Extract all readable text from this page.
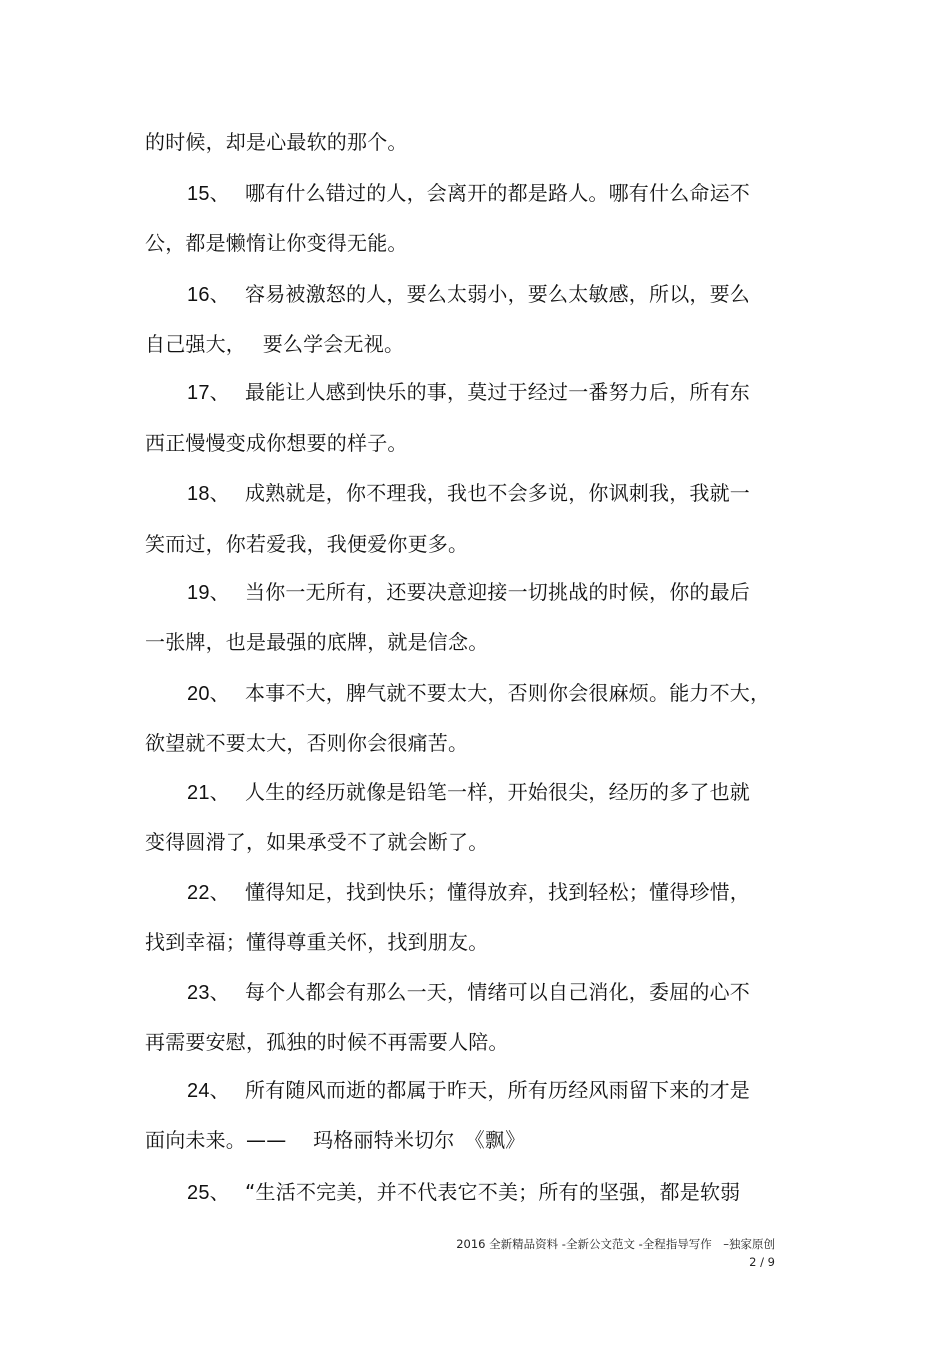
的时候，却是心最软的那个。
15、 哪有什么错过的人，会离开的都是路人。哪有什么命运不
公，都是懒惰让你变得无能。
16、 容易被激怒的人，要么太弱小，要么太敏感，所以，要么
自己强大，　 要么学会无视。
17、 最能让人感到快乐的事，莫过于经过一番努力后，所有东
西正慢慢变成你想要的样子。
18、 成熟就是，你不理我，我也不会多说，你讽刺我，我就一
笑而过，你若爱我，我便爱你更多。
19、 当你一无所有，还要决意迎接一切挑战的时候，你的最后
一张牌，也是最强的底牌，就是信念。
20、 本事不大，脾气就不要太大，否则你会很麻烦。能力不大，
欲望就不要太大，否则你会很痛苦。
21、 人生的经历就像是铅笔一样，开始很尖，经历的多了也就
变得圆滑了，如果承受不了就会断了。
22、 懂得知足，找到快乐；懂得放弃，找到轻松；懂得珍惜，
找到幸福；懂得尊重关怀，找到朋友。
23、 每个人都会有那么一天，情绪可以自己消化，委屈的心不
再需要安慰，孤独的时候不再需要人陪。
24、 所有随风而逝的都属于昨天，所有历经风雨留下来的才是
面向未来。——　 玛格丽特米切尔　《飘》
25、 “生活不完美，并不代表它不美；所有的坚强，都是软弱
2016 全新精品资料 -全新公文范文 -全程指导写作　–独家原创
2 / 9
